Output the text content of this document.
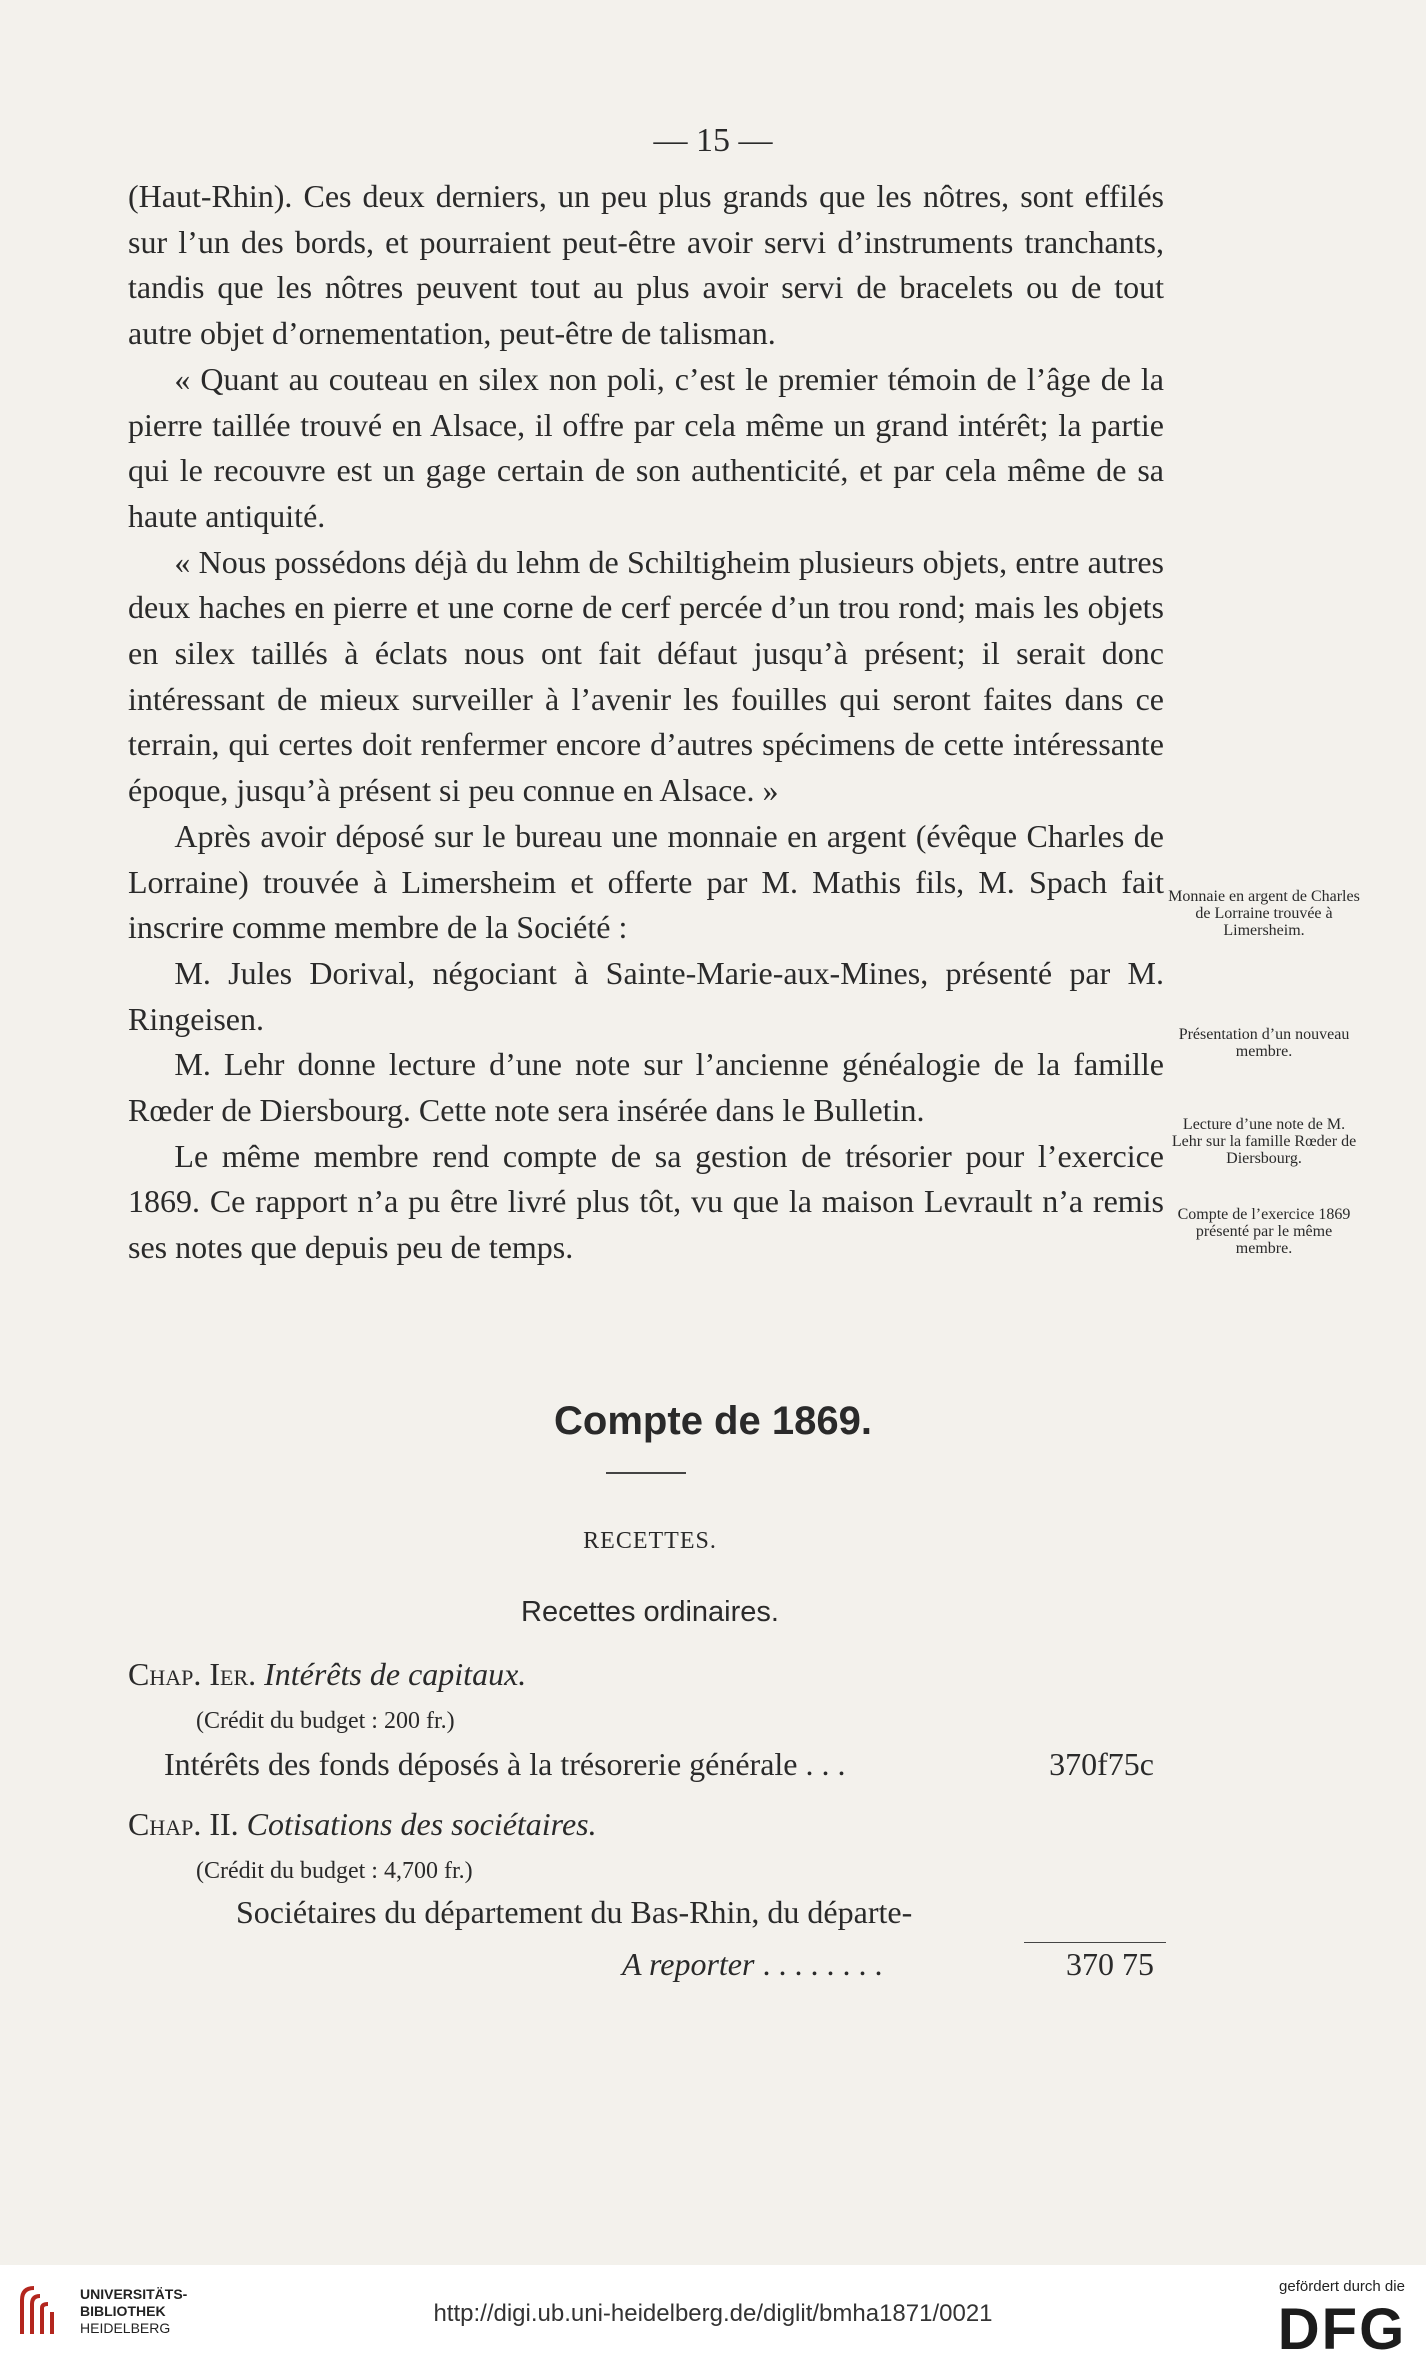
— 15 —

(Haut-Rhin). Ces deux derniers, un peu plus grands que les nôtres, sont effilés sur l’un des bords, et pourraient peut-être avoir servi d’instruments tranchants, tandis que les nôtres peuvent tout au plus avoir servi de bracelets ou de tout autre objet d’ornementation, peut-être de talisman.

« Quant au couteau en silex non poli, c’est le premier témoin de l’âge de la pierre taillée trouvé en Alsace, il offre par cela même un grand intérêt; la partie qui le recouvre est un gage certain de son authenticité, et par cela même de sa haute antiquité.

« Nous possédons déjà du lehm de Schiltigheim plusieurs objets, entre autres deux haches en pierre et une corne de cerf percée d’un trou rond; mais les objets en silex taillés à éclats nous ont fait défaut jusqu’à présent; il serait donc intéressant de mieux surveiller à l’avenir les fouilles qui seront faites dans ce terrain, qui certes doit renfermer encore d’autres spécimens de cette intéressante époque, jusqu’à présent si peu connue en Alsace. »

Après avoir déposé sur le bureau une monnaie en argent (évêque Charles de Lorraine) trouvée à Limersheim et offerte par M. Mathis fils, M. Spach fait inscrire comme membre de la Société :

M. Jules Dorival, négociant à Sainte-Marie-aux-Mines, présenté par M. Ringeisen.

M. Lehr donne lecture d’une note sur l’ancienne généalogie de la famille Rœder de Diersbourg. Cette note sera insérée dans le Bulletin.

Le même membre rend compte de sa gestion de trésorier pour l’exercice 1869. Ce rapport n’a pu être livré plus tôt, vu que la maison Levrault n’a remis ses notes que depuis peu de temps.

Monnaie en argent de Charles de Lorraine trouvée à Limersheim.
Présentation d’un nouveau membre.
Lecture d’une note de M. Lehr sur la famille Rœder de Diersbourg.
Compte de l’exercice 1869 présenté par le même membre.
Compte de 1869.
RECETTES.
Recettes ordinaires.
Chap. Ier. Intérêts de capitaux.
(Crédit du budget : 200 fr.)
Intérêts des fonds déposés à la trésorerie générale . . .	370f75c
Chap. II. Cotisations des sociétaires.
(Crédit du budget : 4,700 fr.)
Sociétaires du département du Bas-Rhin, du départe-
A reporter . . . . . . . .	370 75
UNIVERSITÄTS-
BIBLIOTHEK
HEIDELBERG
http://digi.ub.uni-heidelberg.de/diglit/bmha1871/0021
gefördert durch die
DFG
